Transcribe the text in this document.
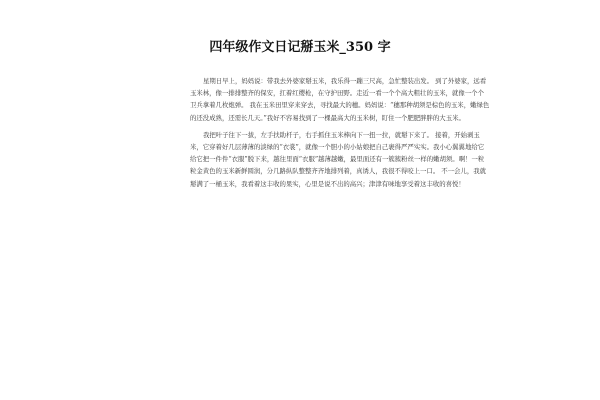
四年级作文日记掰玉米_350 字

星期日早上，妈妈说：带我去外婆家掰玉米，我乐得一蹦三尺高，急忙整装出发。 到了外婆家，远看玉米林，像一排排整齐的保安，扛着红缨枪，在守护田野。走近一看一个个高大粗壮的玉米，就像一个个卫兵拿着几枚炮弹。 我在玉米田里穿来穿去，寻找最大的穗。妈妈说：“穗那种胡须是棕色的玉米，嫩绿色的还没成熟，还需长几天。”我好不容易找到了一棵最高大的玉米树，盯住一个肥肥胖胖的大玉米。

我把叶子往下一拔，左手扶助杆子，右手抓住玉米棒向下一扭一拉，就掰下来了。 接着，开始剥玉米，它穿着好几层薄薄的淡绿的“衣裳”，就像一个胆小的小姑娘把自己裹得严严实实。我小心翼翼地给它给它把一件件“衣服”脱下来，越往里面“衣服”越薄越嫩，最里面还有一簇簇粉丝一样的嫩胡须。啊！一粒粒金黄色的玉米新鲜圆润，分几路纵队整整齐齐地排列着，真诱人，我很不得咬上一口。 不一会儿，我就掰满了一桶玉米，我看着这丰收的果实，心里是说不出的高兴；津津有味地享受着这丰收的喜悦！
